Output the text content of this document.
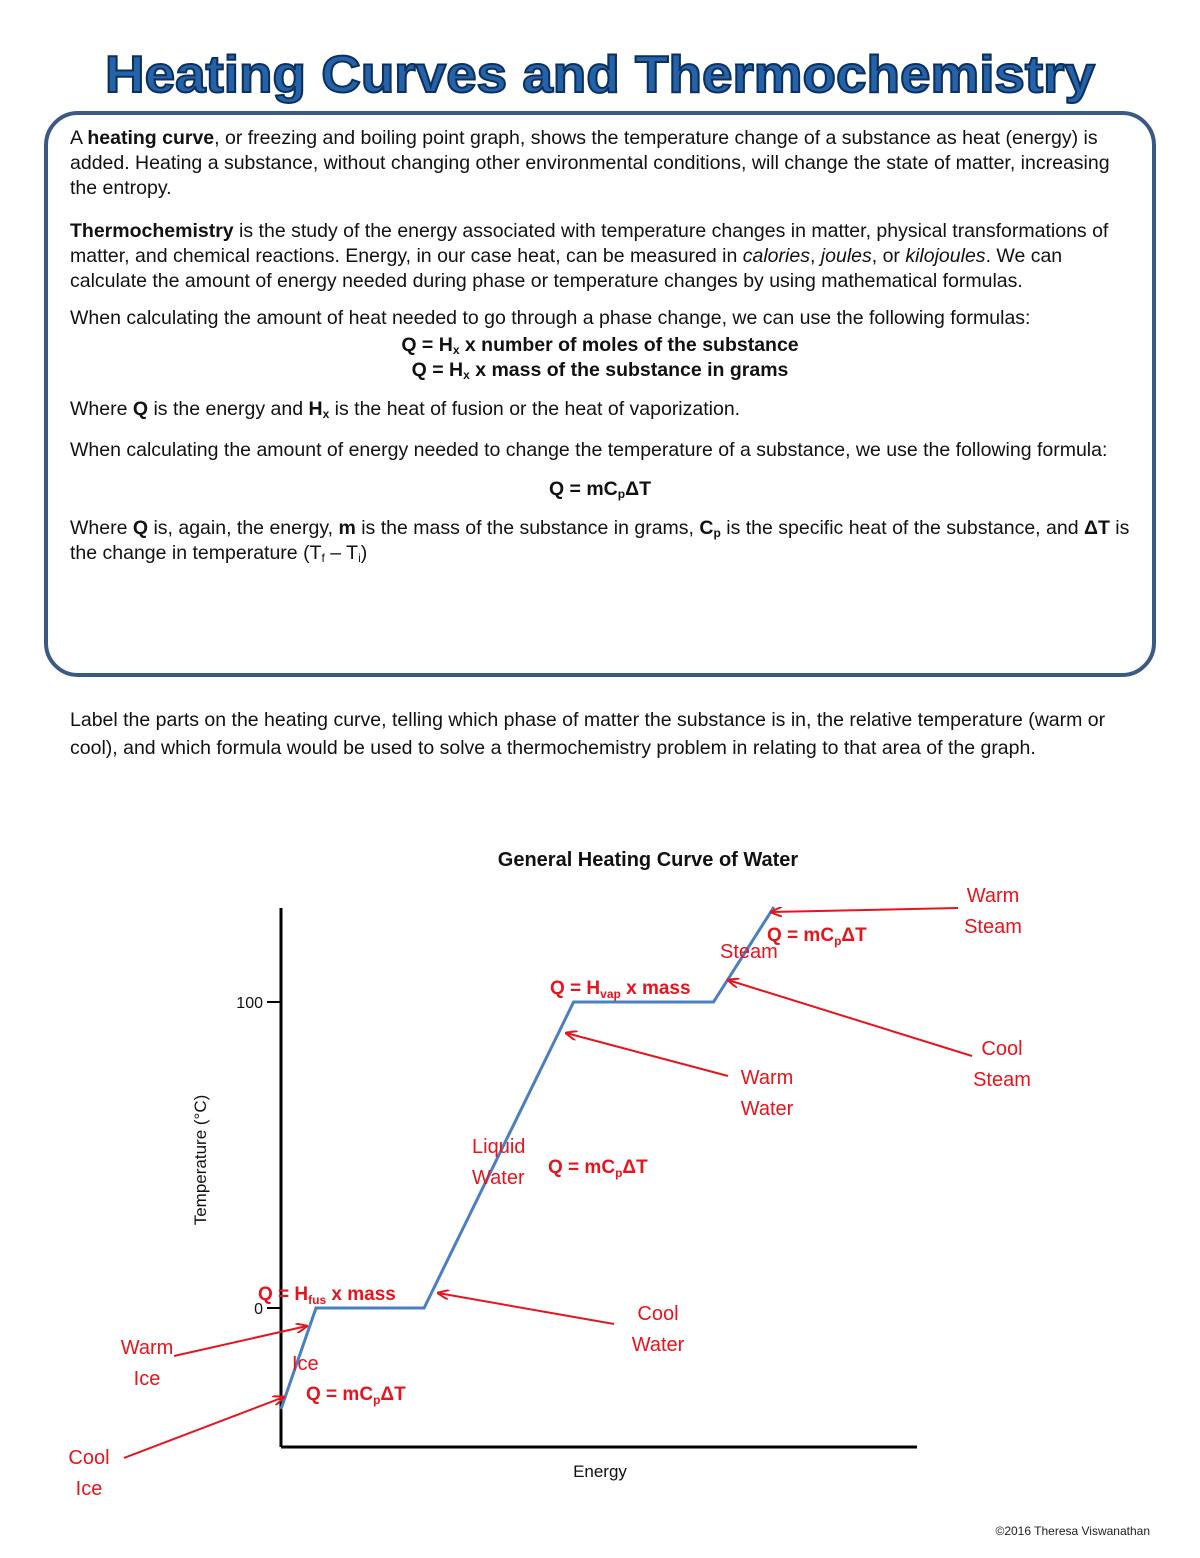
Heating Curves and Thermochemistry

A heating curve, or freezing and boiling point graph, shows the temperature change of a substance as heat (energy) is added. Heating a substance, without changing other environmental conditions, will change the state of matter, increasing the entropy.

Thermochemistry is the study of the energy associated with temperature changes in matter, physical transformations of matter, and chemical reactions. Energy, in our case heat, can be measured in calories, joules, or kilojoules. We can calculate the amount of energy needed during phase or temperature changes by using mathematical formulas.

When calculating the amount of heat needed to go through a phase change, we can use the following formulas:

$Q = H_x$ x number of moles of the substance

$Q = H_x$ x mass of the substance in grams

Where Q is the energy and $H_x$ is the heat of fusion or the heat of vaporization.

When calculating the amount of energy needed to change the temperature of a substance, we use the following formula:

$Q = mC_p\Delta T$

Where Q is, again, the energy, m is the mass of the substance in grams, $C_p$ is the specific heat of the substance, and ΔT is the change in temperature $(T_f - T_i)$

Label the parts on the heating curve, telling which phase of matter the substance is in, the relative temperature (warm or cool), and which formula would be used to solve a thermochemistry problem in relating to that area of the graph.

General Heating Curve of Water
0
100
Energy
Temperature (°C)
Steam
Liquid
Water
Ice
Warm
Steam
Cool
Steam
Warm
Water
Cool
Water
Warm
Ice
Cool
Ice
$Q = mC_p\Delta T$
$Q = H_{vap}$ x mass
$Q = mC_p\Delta T$
$Q = H_{fus}$ x mass
$Q = mC_p\Delta T$
©2016 Theresa Viswanathan
